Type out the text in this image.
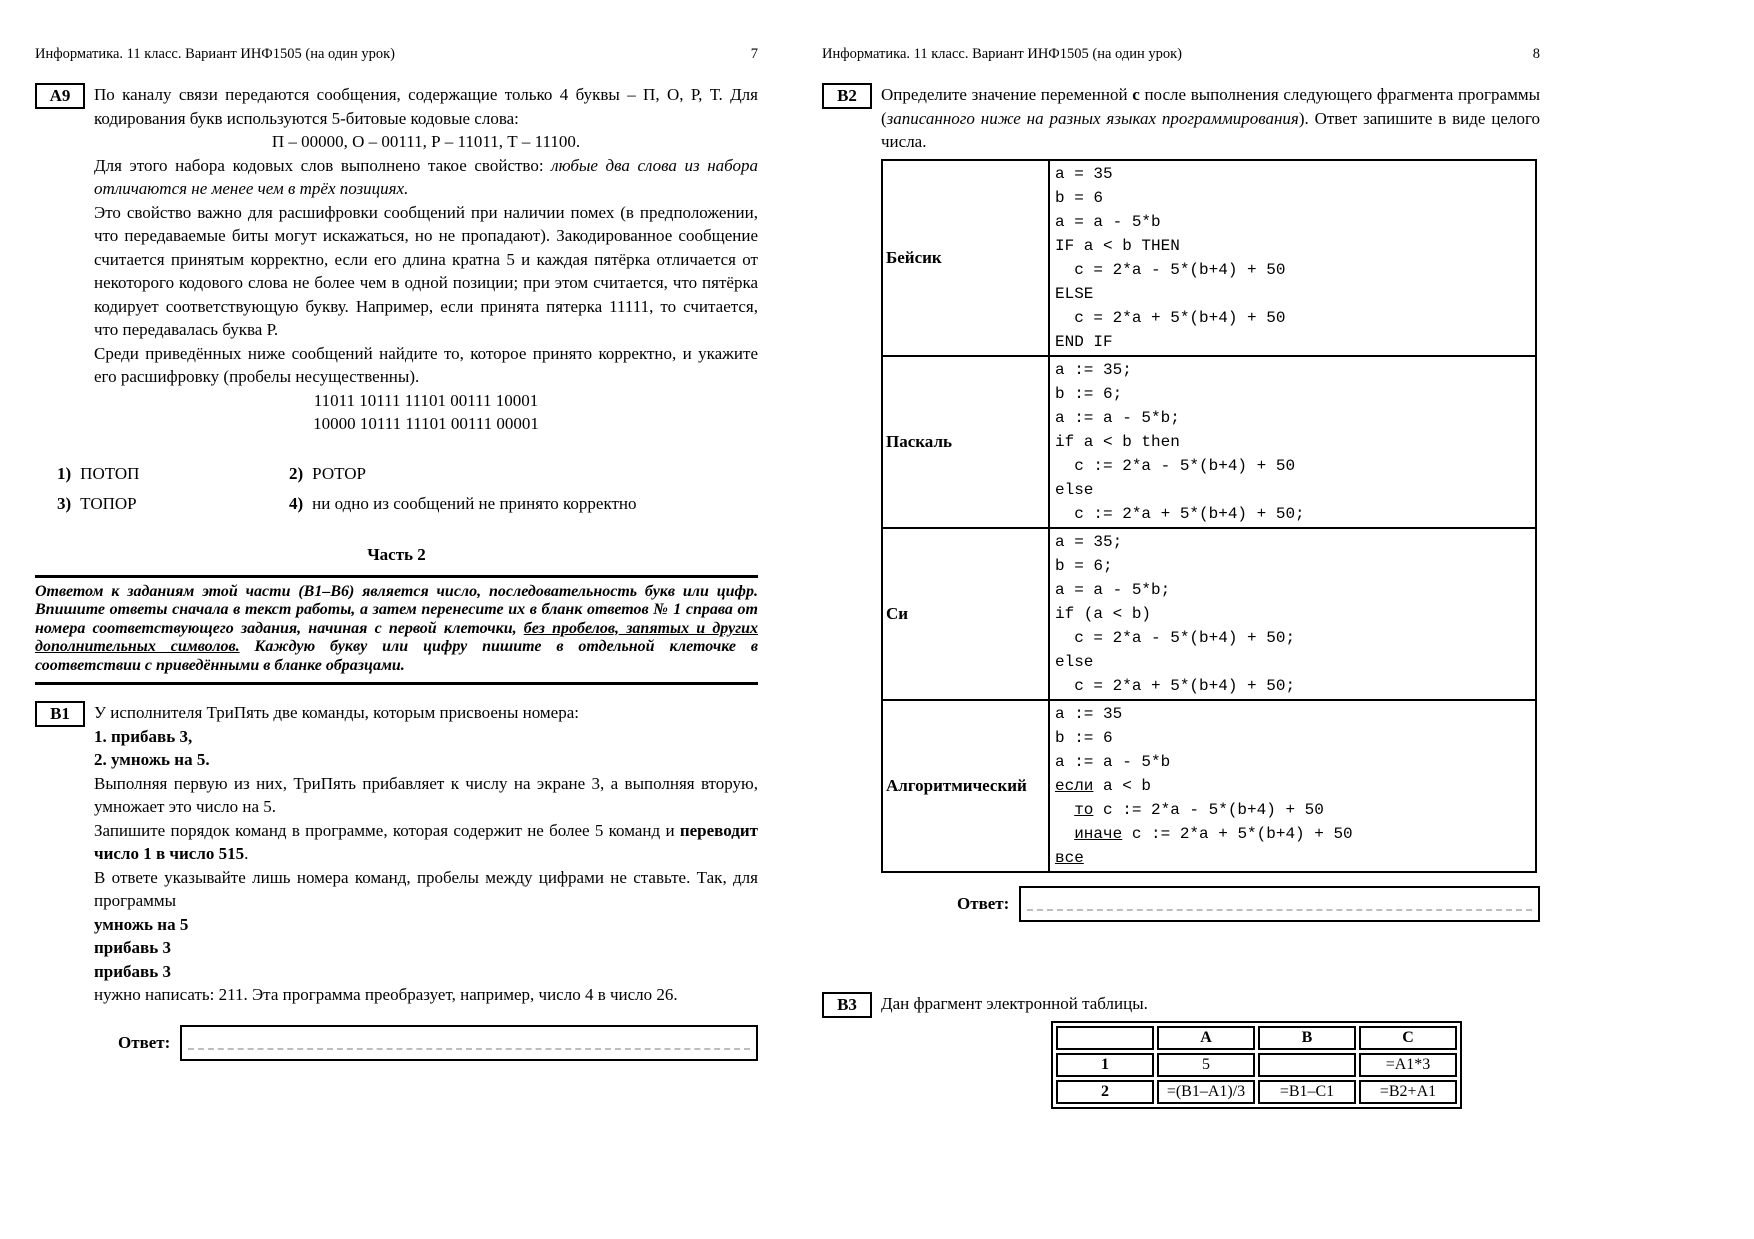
Информатика. 11 класс. Вариант ИНФ1505 (на один урок)	7
А9	По каналу связи передаются сообщения, содержащие только 4 буквы – П, О, Р, Т. Для кодирования букв используются 5-битовые кодовые слова:

П – 00000, О – 00111, Р – 11011, Т – 11100.

Для этого набора кодовых слов выполнено такое свойство: любые два слова из набора отличаются не менее чем в трёх позициях.

Это свойство важно для расшифровки сообщений при наличии помех (в предположении, что передаваемые биты могут искажаться, но не пропадают). Закодированное сообщение считается принятым корректно, если его длина кратна 5 и каждая пятёрка отличается от некоторого кодового слова не более чем в одной позиции; при этом считается, что пятёрка кодирует соответствующую букву. Например, если принята пятерка 11111, то считается, что передавалась буква Р.

Среди приведённых ниже сообщений найдите то, которое принято корректно, и укажите его расшифровку (пробелы несущественны).

11011 10111 11101 00111 10001

10000 10111 11101 00111 00001

1) ПОТОП	2) РОТОР
3) ТОПОР	4) ни одно из сообщений не принято корректно
Часть 2

Ответом к заданиям этой части (В1–В6) является число, последовательность букв или цифр. Впишите ответы сначала в текст работы, а затем перенесите их в бланк ответов № 1 справа от номера соответствующего задания, начиная с первой клеточки, без пробелов, запятых и других дополнительных символов. Каждую букву или цифру пишите в отдельной клеточке в соответствии с приведёнными в бланке образцами.

В1	У исполнителя ТриПять две команды, которым присвоены номера:

1. прибавь 3,

2. умножь на 5.

Выполняя первую из них, ТриПять прибавляет к числу на экране 3, а выполняя вторую, умножает это число на 5.

Запишите порядок команд в программе, которая содержит не более 5 команд и переводит число 1 в число 515.

В ответе указывайте лишь номера команд, пробелы между цифрами не ставьте. Так, для программы

умножь на 5

прибавь 3

прибавь 3

нужно написать: 211. Эта программа преобразует, например, число 4 в число 26.

Ответ:
Информатика. 11 класс. Вариант ИНФ1505 (на один урок)	8
В2	Определите значение переменной c после выполнения следующего фрагмента программы (записанного ниже на разных языках программирования). Ответ запишите в виде целого числа.

Бейсик	
a = 35
b = 6
a = a - 5*b
IF a < b THEN
c = 2*a - 5*(b+4) + 50
ELSE
c = 2*a + 5*(b+4) + 50
END IF

Паскаль	
a := 35;
b := 6;
a := a - 5*b;
if a < b then
c := 2*a - 5*(b+4) + 50
else
c := 2*a + 5*(b+4) + 50;

Си	
a = 35;
b = 6;
a = a - 5*b;
if (a < b)
c = 2*a - 5*(b+4) + 50;
else
c = 2*a + 5*(b+4) + 50;

Алгоритмический	
a := 35
b := 6
a := a - 5*b
если a < b
то c := 2*a - 5*(b+4) + 50
иначе c := 2*a + 5*(b+4) + 50
все
Ответ:
В3	Дан фрагмент электронной таблицы.

	A	B	C
1	5		=A1*3
2	=(B1–A1)/3	=B1–C1	=B2+A1
